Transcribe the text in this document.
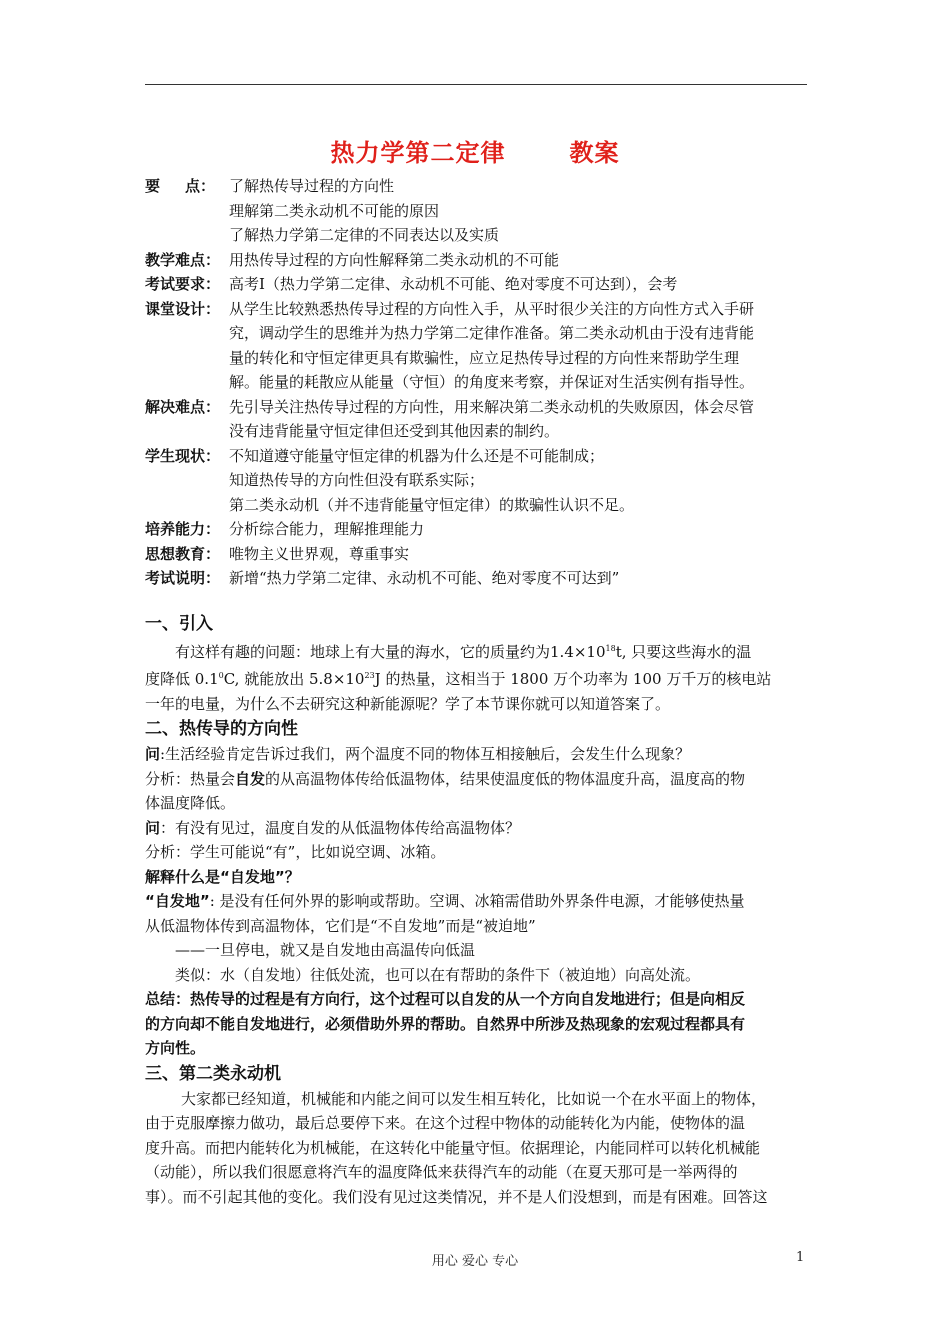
热力学第二定律	教案
要 点： 了解热传导过程的方向性
理解第二类永动机不可能的原因
了解热力学第二定律的不同表达以及实质
教学难点： 用热传导过程的方向性解释第二类永动机的不可能
考试要求： 高考Ⅰ（热力学第二定律、永动机不可能、绝对零度不可达到），会考
课堂设计： 从学生比较熟悉热传导过程的方向性入手，从平时很少关注的方向性方式入手研
究，调动学生的思维并为热力学第二定律作准备。第二类永动机由于没有违背能
量的转化和守恒定律更具有欺骗性，应立足热传导过程的方向性来帮助学生理
解。能量的耗散应从能量（守恒）的角度来考察，并保证对生活实例有指导性。
解决难点： 先引导关注热传导过程的方向性，用来解决第二类永动机的失败原因，体会尽管
没有违背能量守恒定律但还受到其他因素的制约。
学生现状： 不知道遵守能量守恒定律的机器为什么还是不可能制成；
知道热传导的方向性但没有联系实际；
第二类永动机（并不违背能量守恒定律）的欺骗性认识不足。
培养能力： 分析综合能力，理解推理能力
思想教育： 唯物主义世界观，尊重事实
考试说明： 新增“热力学第二定律、永动机不可能、绝对零度不可达到”
一、引入
有这样有趣的问题：地球上有大量的海水，它的质量约为$1.4\times 10^{18}t$, 只要这些海水的温
度降低 $0.1^0C$, 就能放出 $5.8\times 10^{23}J$ 的热量，这相当于 1800 万个功率为 100 万千万的核电站
一年的电量，为什么不去研究这种新能源呢？学了本节课你就可以知道答案了。
二、热传导的方向性
问:生活经验肯定告诉过我们，两个温度不同的物体互相接触后，会发生什么现象？
分析：热量会自发的从高温物体传给低温物体，结果使温度低的物体温度升高，温度高的物
体温度降低。
问：有没有见过，温度自发的从低温物体传给高温物体？
分析：学生可能说“有”，比如说空调、冰箱。
解释什么是“自发地”？
“自发地”: 是没有任何外界的影响或帮助。空调、冰箱需借助外界条件电源，才能够使热量
从低温物体传到高温物体，它们是“不自发地”而是“被迫地”
——一旦停电，就又是自发地由高温传向低温
类似：水（自发地）往低处流，也可以在有帮助的条件下（被迫地）向高处流。
总结：热传导的过程是有方向行，这个过程可以自发的从一个方向自发地进行；但是向相反
的方向却不能自发地进行，必须借助外界的帮助。自然界中所涉及热现象的宏观过程都具有
方向性。
三、第二类永动机
大家都已经知道，机械能和内能之间可以发生相互转化，比如说一个在水平面上的物体，
由于克服摩擦力做功，最后总要停下来。在这个过程中物体的动能转化为内能，使物体的温
度升高。而把内能转化为机械能，在这转化中能量守恒。依据理论，内能同样可以转化机械能
（动能），所以我们很愿意将汽车的温度降低来获得汽车的动能（在夏天那可是一举两得的
事）。而不引起其他的变化。我们没有见过这类情况，并不是人们没想到，而是有困难。回答这
用心 爱心 专心	1
